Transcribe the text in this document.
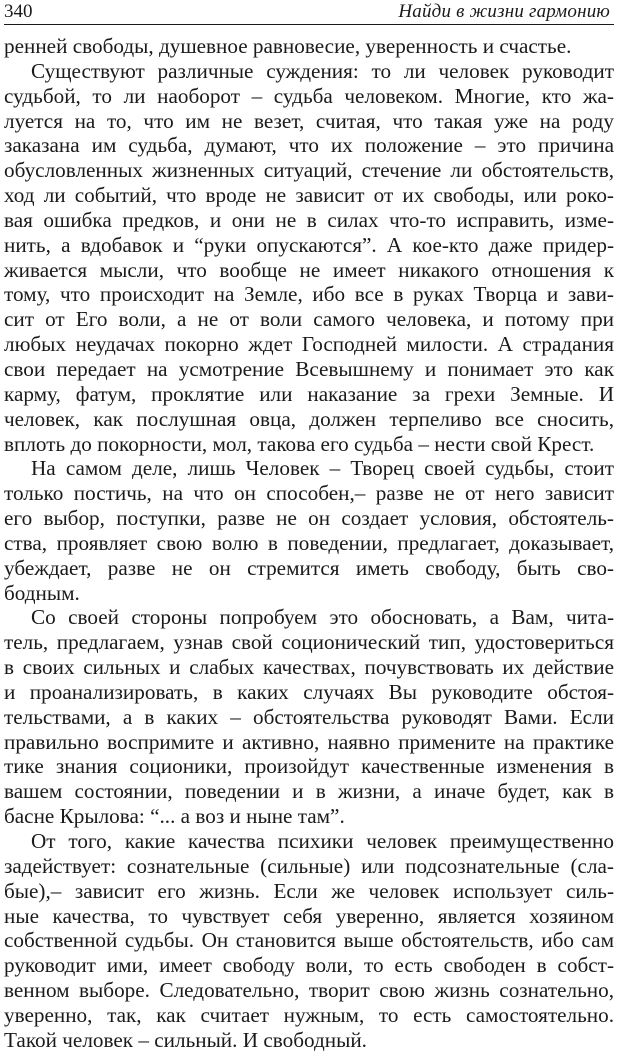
340	Найди в жизни гармонию
ренней свободы, душевное равновесие, уверенность и счастье.
Существуют различные суждения: то ли человек руководит
судьбой, то ли наоборот – судьба человеком. Многие, кто жа-
луется на то, что им не везет, считая, что такая уже на роду
заказана им судьба, думают, что их положение – это причина
обусловленных жизненных ситуаций, стечение ли обстоятельств,
ход ли событий, что вроде не зависит от их свободы, или роко-
вая ошибка предков, и они не в силах что-то исправить, изме-
нить, а вдобавок и “руки опускаются”. А кое-кто даже придер-
живается мысли, что вообще не имеет никакого отношения к
тому, что происходит на Земле, ибо все в руках Творца и зави-
сит от Его воли, а не от воли самого человека, и потому при
любых неудачах покорно ждет Господней милости. А страдания
свои передает на усмотрение Всевышнему и понимает это как
карму, фатум, проклятие или наказание за грехи Земные. И
человек, как послушная овца, должен терпеливо все сносить,
вплоть до покорности, мол, такова его судьба – нести свой Крест.
На самом деле, лишь Человек – Творец своей судьбы, стоит
только постичь, на что он способен,– разве не от него зависит
его выбор, поступки, разве не он создает условия, обстоятель-
ства, проявляет свою волю в поведении, предлагает, доказывает,
убеждает, разве не он стремится иметь свободу, быть сво-
бодным.
Со своей стороны попробуем это обосновать, а Вам, чита-
тель, предлагаем, узнав свой соционический тип, удостовериться
в своих сильных и слабых качествах, почувствовать их действие
и проанализировать, в каких случаях Вы руководите обстоя-
тельствами, а в каких – обстоятельства руководят Вами. Если
правильно воспримите и активно, наявно примените на практике
тике знания соционики, произойдут качественные изменения в
вашем состоянии, поведении и в жизни, а иначе будет, как в
басне Крылова: “... а воз и ныне там”.
От того, какие качества психики человек преимущественно
задействует: сознательные (сильные) или подсознательные (сла-
бые),– зависит его жизнь. Если же человек использует силь-
ные качества, то чувствует себя уверенно, является хозяином
собственной судьбы. Он становится выше обстоятельств, ибо сам
руководит ими, имеет свободу воли, то есть свободен в собст-
венном выборе. Следовательно, творит свою жизнь сознательно,
уверенно, так, как считает нужным, то есть самостоятельно.
Такой человек – сильный. И свободный.
